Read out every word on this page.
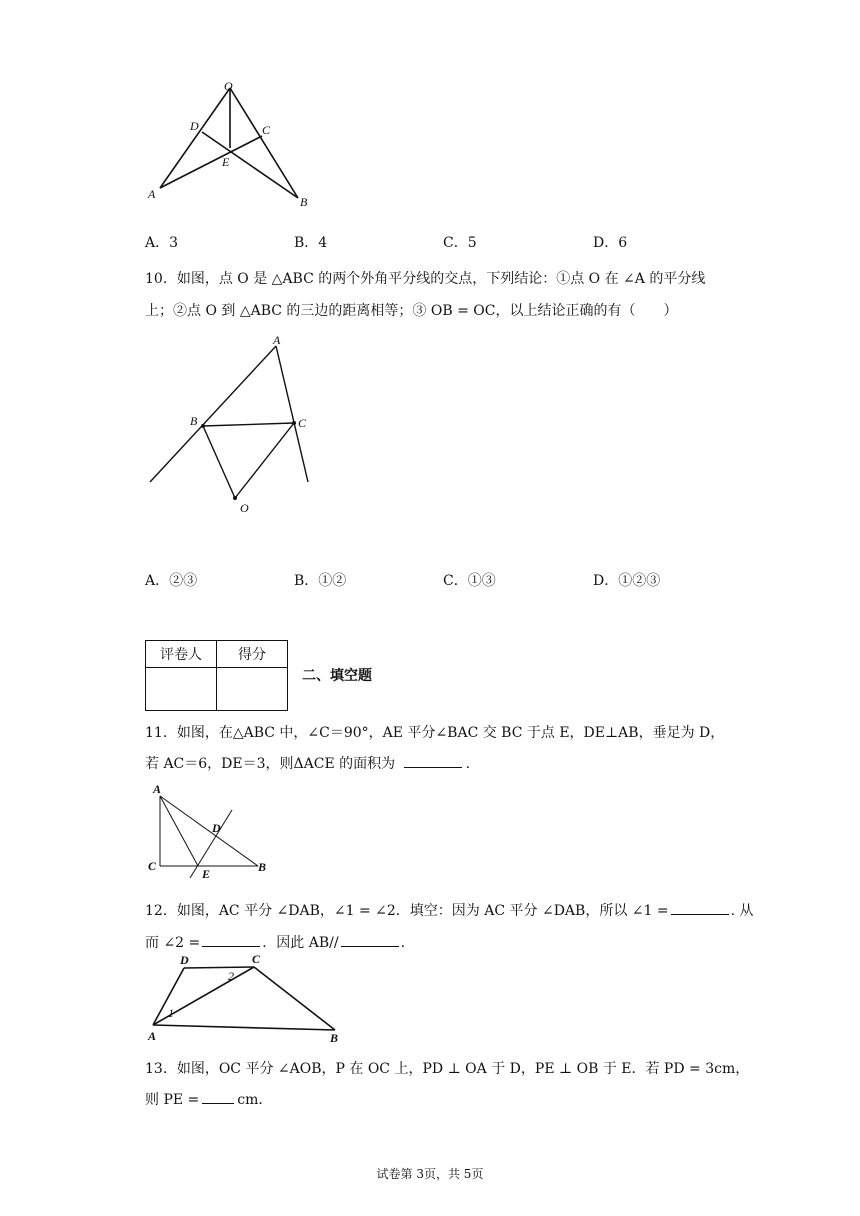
O
D	C
E
A
B
A．3	B．4	C．5	D．6
10．如图，点 O 是 △ABC 的两个外角平分线的交点，下列结论：①点 O 在 ∠A 的平分线
上；②点 O 到 △ABC 的三边的距离相等；③ OB = OC，以上结论正确的有（　　）
A
B	C
O
A．②③	B．①②	C．①③	D．①②③
评卷人	得分

二、填空题
11．如图，在△ABC 中，∠C＝90°，AE 平分∠BAC 交 BC 于点 E，DE⊥AB，垂足为 D，
若 AC＝6，DE＝3，则ΔACE 的面积为	.
A
D
C
E	B
12．如图，AC 平分 ∠DAB，∠1 = ∠2．填空：因为 AC 平分 ∠DAB，所以 ∠1 =	. 从
而 ∠2 =	．因此 AB//	.
D	C
A	B
1
2
13．如图，OC 平分 ∠AOB，P 在 OC 上，PD ⊥ OA 于 D，PE ⊥ OB 于 E．若 PD = 3cm，
则 PE =	cm．
试卷第 3页，共 5页
